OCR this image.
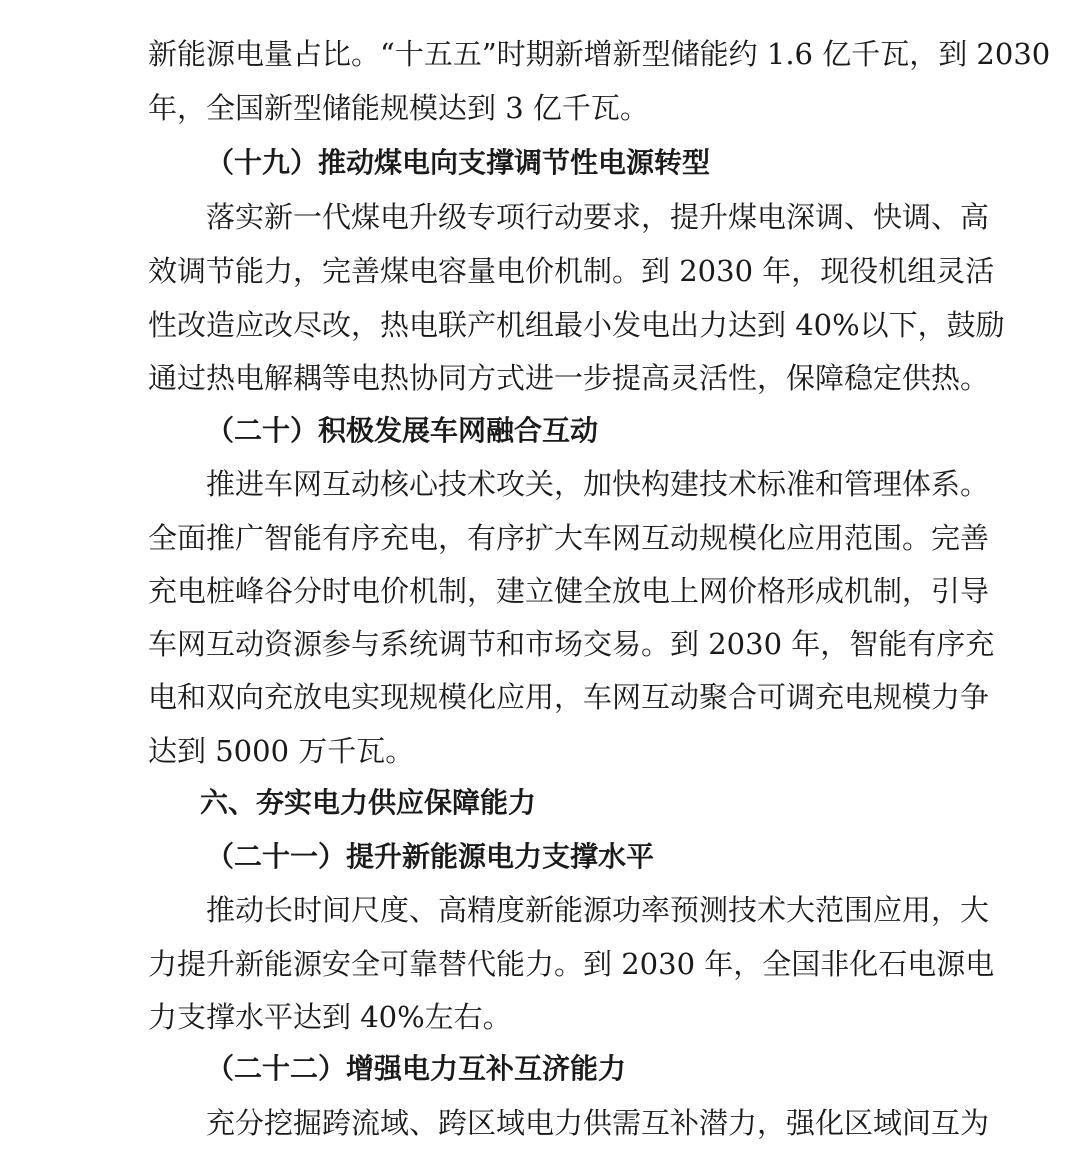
新能源电量占比。“十五五”时期新增新型储能约 1.6 亿千瓦，到 2030

年，全国新型储能规模达到 3 亿千瓦。

（十九）推动煤电向支撑调节性电源转型

落实新一代煤电升级专项行动要求，提升煤电深调、快调、高

效调节能力，完善煤电容量电价机制。到 2030 年，现役机组灵活

性改造应改尽改，热电联产机组最小发电出力达到 40%以下，鼓励

通过热电解耦等电热协同方式进一步提高灵活性，保障稳定供热。

（二十）积极发展车网融合互动

推进车网互动核心技术攻关，加快构建技术标准和管理体系。

全面推广智能有序充电，有序扩大车网互动规模化应用范围。完善

充电桩峰谷分时电价机制，建立健全放电上网价格形成机制，引导

车网互动资源参与系统调节和市场交易。到 2030 年，智能有序充

电和双向充放电实现规模化应用，车网互动聚合可调充电规模力争

达到 5000 万千瓦。

六、夯实电力供应保障能力

（二十一）提升新能源电力支撑水平

推动长时间尺度、高精度新能源功率预测技术大范围应用，大

力提升新能源安全可靠替代能力。到 2030 年，全国非化石电源电

力支撑水平达到 40%左右。

（二十二）增强电力互补互济能力

充分挖掘跨流域、跨区域电力供需互补潜力，强化区域间互为
